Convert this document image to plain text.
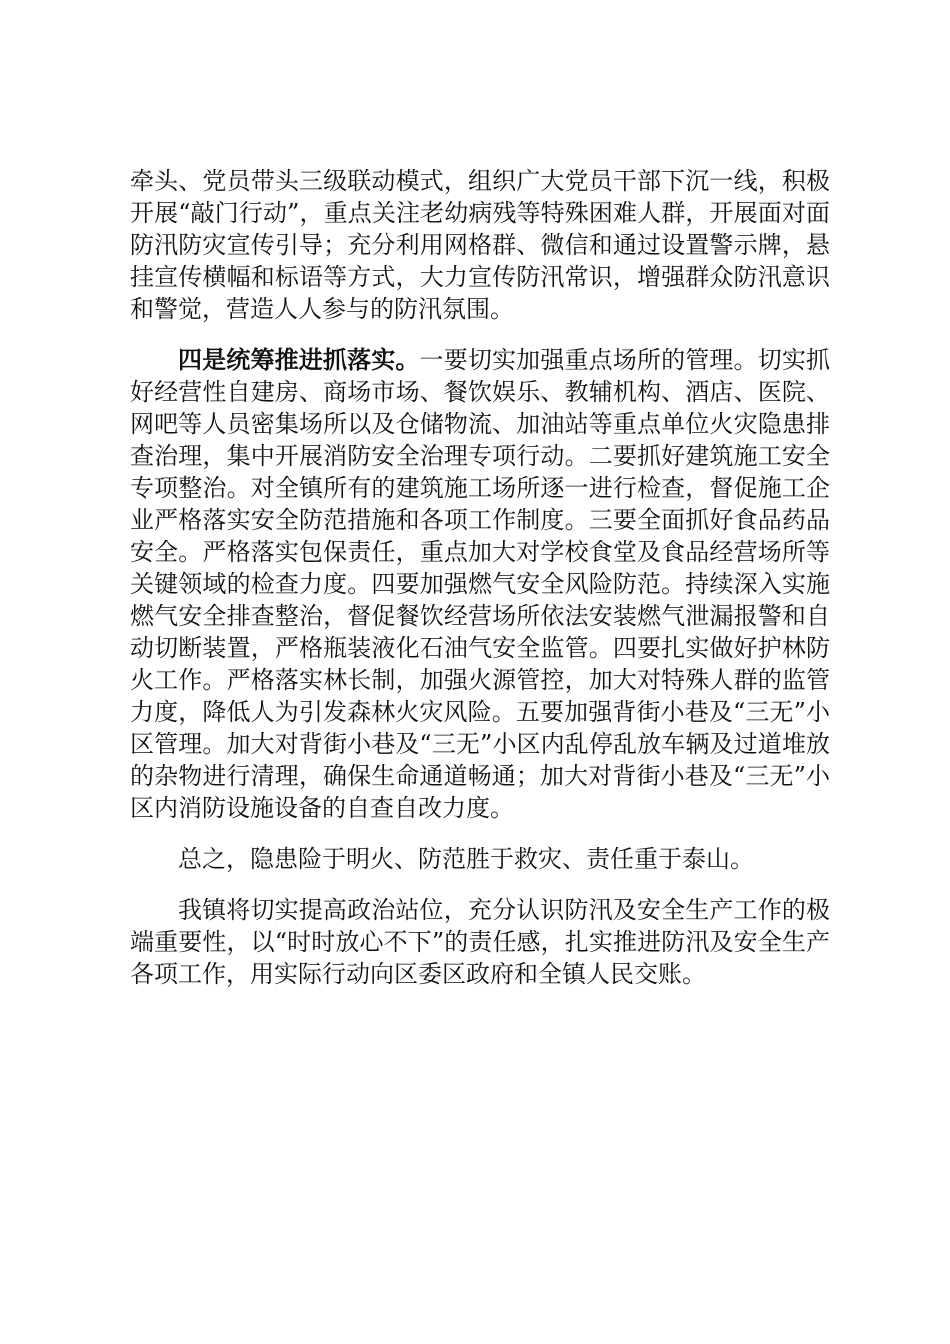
牵头、党员带头三级联动模式，组织广大党员干部下沉一线，积极开展“敲门行动”，重点关注老幼病残等特殊困难人群，开展面对面防汛防灾宣传引导；充分利用网格群、微信和通过设置警示牌，悬挂宣传横幅和标语等方式，大力宣传防汛常识，增强群众防汛意识和警觉，营造人人参与的防汛氛围。

四是统筹推进抓落实。一要切实加强重点场所的管理。切实抓好经营性自建房、商场市场、餐饮娱乐、教辅机构、酒店、医院、网吧等人员密集场所以及仓储物流、加油站等重点单位火灾隐患排查治理，集中开展消防安全治理专项行动。二要抓好建筑施工安全专项整治。对全镇所有的建筑施工场所逐一进行检查，督促施工企业严格落实安全防范措施和各项工作制度。三要全面抓好食品药品安全。严格落实包保责任，重点加大对学校食堂及食品经营场所等关键领域的检查力度。四要加强燃气安全风险防范。持续深入实施燃气安全排查整治，督促餐饮经营场所依法安装燃气泄漏报警和自动切断装置，严格瓶装液化石油气安全监管。四要扎实做好护林防火工作。严格落实林长制，加强火源管控，加大对特殊人群的监管力度，降低人为引发森林火灾风险。五要加强背街小巷及“三无”小区管理。加大对背街小巷及“三无”小区内乱停乱放车辆及过道堆放的杂物进行清理，确保生命通道畅通；加大对背街小巷及“三无”小区内消防设施设备的自查自改力度。

总之，隐患险于明火、防范胜于救灾、责任重于泰山。

我镇将切实提高政治站位，充分认识防汛及安全生产工作的极端重要性，以“时时放心不下”的责任感，扎实推进防汛及安全生产各项工作，用实际行动向区委区政府和全镇人民交账。
